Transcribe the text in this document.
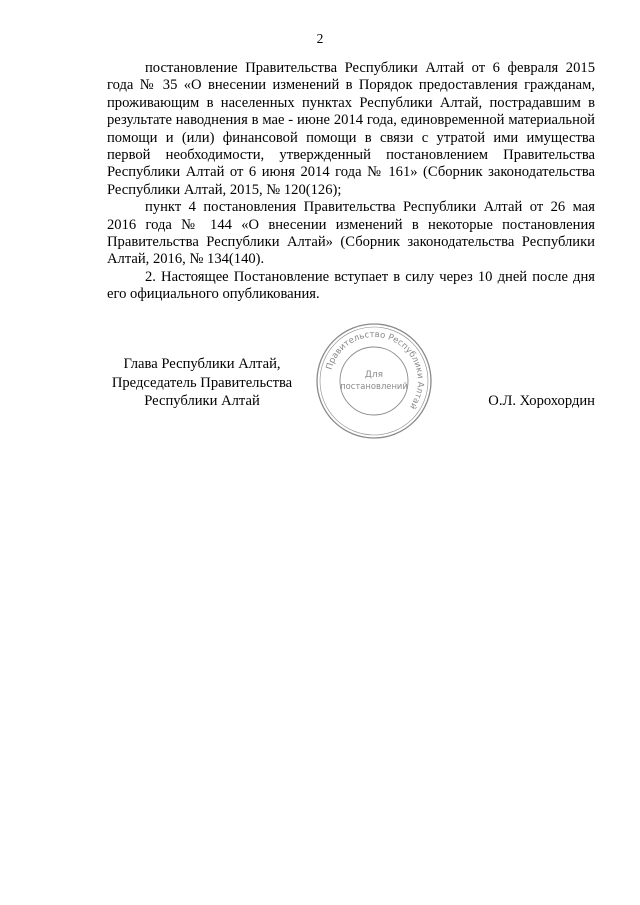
2

постановление Правительства Республики Алтай от 6 февраля 2015 года № 35 «О внесении изменений в Порядок предоставления гражданам, проживающим в населенных пунктах Республики Алтай, пострадавшим в результате наводнения в мае - июне 2014 года, единовременной материальной помощи и (или) финансовой помощи в связи с утратой ими имущества первой необходимости, утвержденный постановлением Правительства Республики Алтай от 6 июня 2014 года № 161» (Сборник законодательства Республики Алтай, 2015, № 120(126);

пункт 4 постановления Правительства Республики Алтай от 26 мая 2016 года № 144 «О внесении изменений в некоторые постановления Правительства Республики Алтай» (Сборник законодательства Республики Алтай, 2016, № 134(140).

2. Настоящее Постановление вступает в силу через 10 дней после дня его официального опубликования.

Глава Республики Алтай,
Председатель Правительства
Республики Алтай	О.Л. Хорохордин
Правительство Республики Алтай
Для
постановлений
